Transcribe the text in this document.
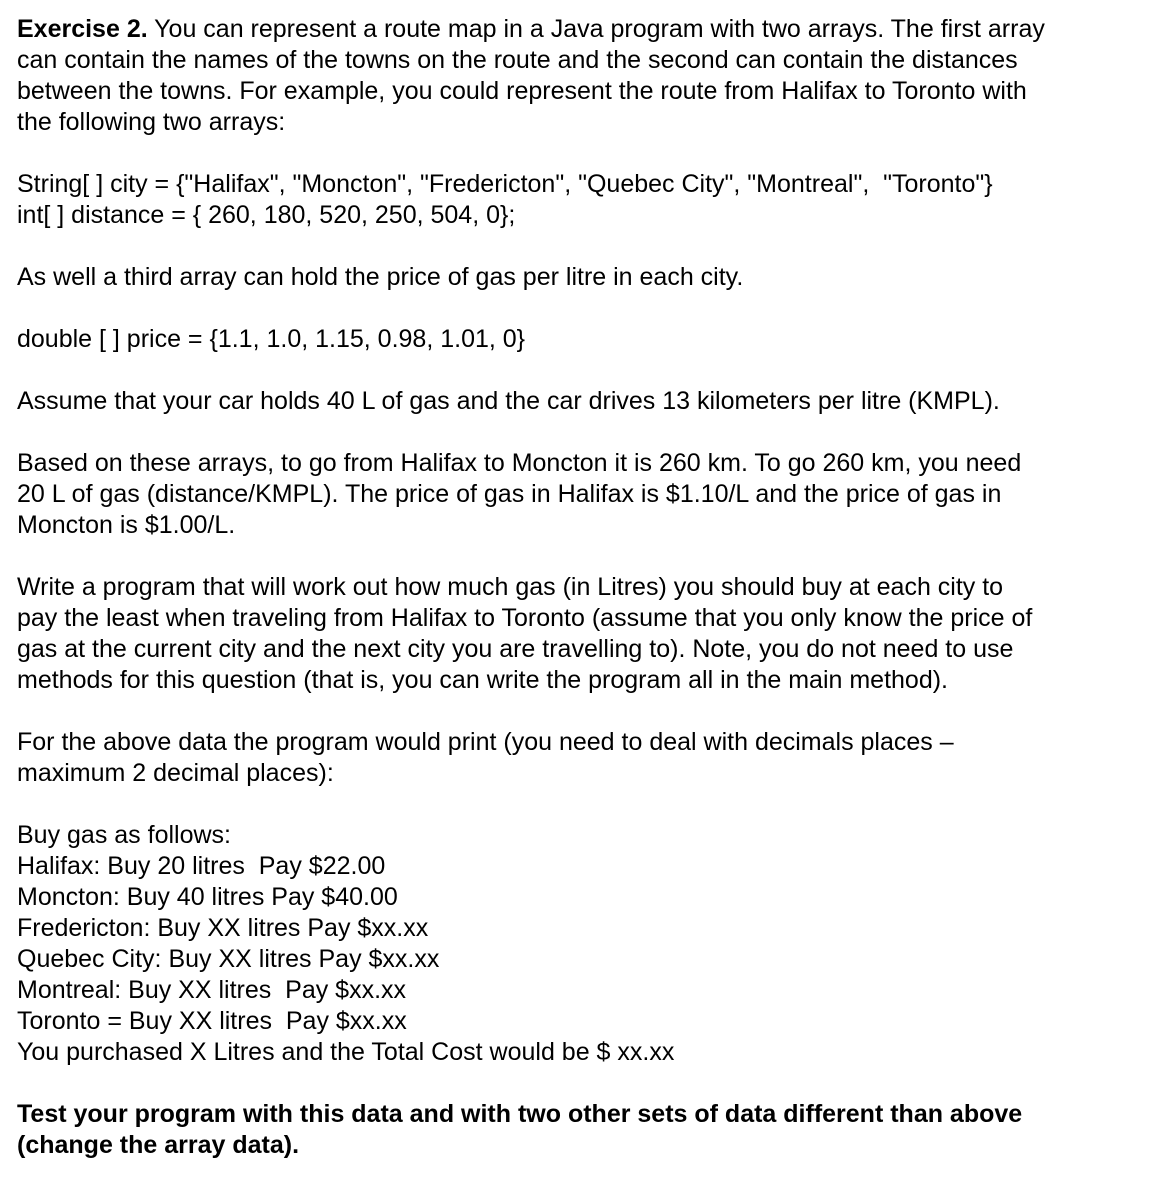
Exercise 2. You can represent a route map in a Java program with two arrays. The first array
can contain the names of the towns on the route and the second can contain the distances
between the towns. For example, you could represent the route from Halifax to Toronto with
the following two arrays:
String[ ] city = {"Halifax", "Moncton", "Fredericton", "Quebec City", "Montreal",  "Toronto"}
int[ ] distance = { 260, 180, 520, 250, 504, 0};
As well a third array can hold the price of gas per litre in each city.
double [ ] price = {1.1, 1.0, 1.15, 0.98, 1.01, 0}
Assume that your car holds 40 L of gas and the car drives 13 kilometers per litre (KMPL).
Based on these arrays, to go from Halifax to Moncton it is 260 km. To go 260 km, you need
20 L of gas (distance/KMPL). The price of gas in Halifax is $1.10/L and the price of gas in
Moncton is $1.00/L.
Write a program that will work out how much gas (in Litres) you should buy at each city to
pay the least when traveling from Halifax to Toronto (assume that you only know the price of
gas at the current city and the next city you are travelling to). Note, you do not need to use
methods for this question (that is, you can write the program all in the main method).
For the above data the program would print (you need to deal with decimals places –
maximum 2 decimal places):
Buy gas as follows:
Halifax: Buy 20 litres  Pay $22.00
Moncton: Buy 40 litres Pay $40.00
Fredericton: Buy XX litres Pay $xx.xx
Quebec City: Buy XX litres Pay $xx.xx
Montreal: Buy XX litres  Pay $xx.xx
Toronto = Buy XX litres  Pay $xx.xx
You purchased X Litres and the Total Cost would be $ xx.xx
Test your program with this data and with two other sets of data different than above
(change the array data).
